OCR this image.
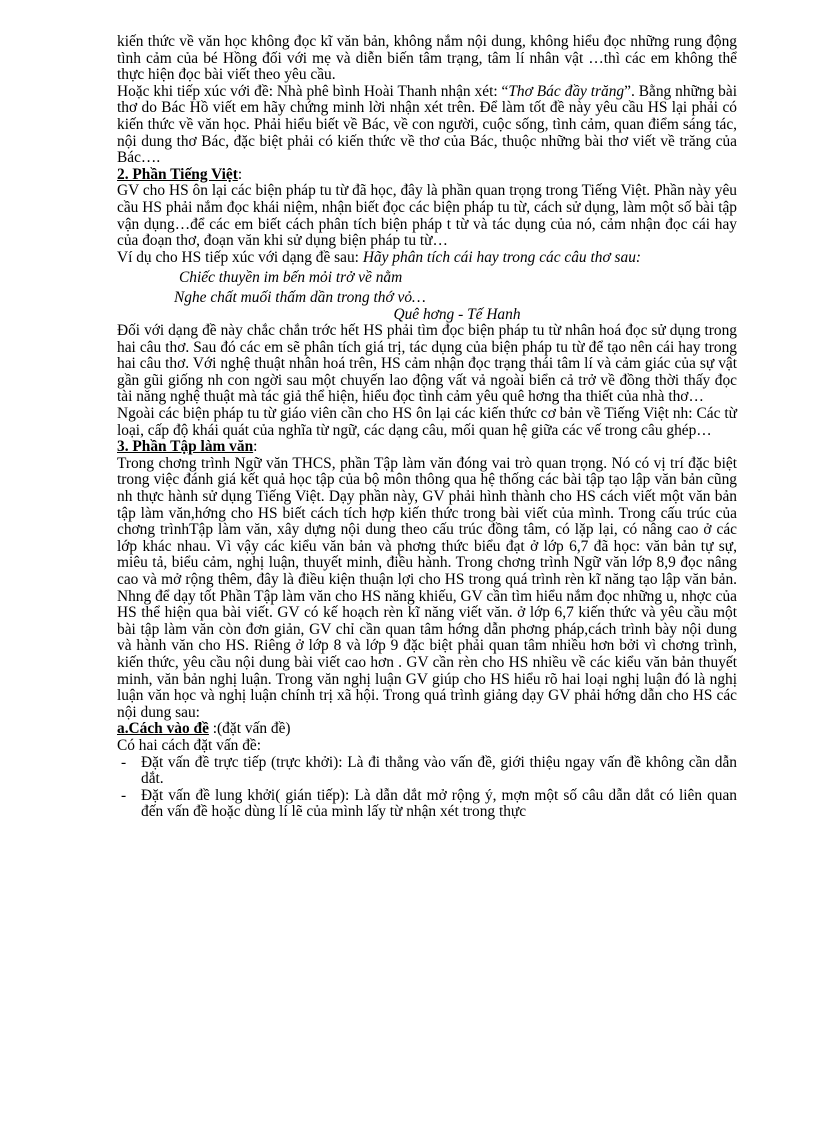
kiến thức về văn học không đọc kĩ văn bản, không nắm nội dung, không hiểu đọc những rung động tình cảm của bé Hồng đối với mẹ và diễn biến tâm trạng, tâm lí nhân vật …thì các em không thể thực hiện đọc bài viết theo yêu cầu.

Hoặc khi tiếp xúc với đề: Nhà phê bình Hoài Thanh nhận xét: “Thơ Bác đầy trăng”. Bằng những bài thơ do Bác Hồ viết em hãy chứng minh lời nhận xét trên. Để làm tốt đề này yêu cầu HS lại phải có kiến thức về văn học. Phải hiểu biết về Bác, về con người, cuộc sống, tình cảm, quan điểm sáng tác, nội dung thơ Bác, đặc biệt phải có kiến thức về thơ của Bác, thuộc những bài thơ viết về trăng của Bác….

2. Phần Tiếng Việt:

GV cho HS ôn lại các biện pháp tu từ đã học, đây là phần quan trọng trong Tiếng Việt. Phần này yêu cầu HS phải nắm đọc khái niệm, nhận biết đọc các biện pháp tu từ, cách sử dụng, làm một số bài tập vận dụng…để các em biết cách phân tích biện pháp t từ và tác dụng của nó, cảm nhận đọc cái hay của đoạn thơ, đoạn văn khi sử dụng biện pháp tu từ…

Ví dụ cho HS tiếp xúc với dạng đề sau: Hãy phân tích cái hay trong các câu thơ sau:

Chiếc thuyền im bến mỏi trở về nằm

Nghe chất muối thấm dần trong thớ vỏ…

Quê hơng - Tế Hanh

Đối với dạng đề này chắc chắn trớc hết HS phải tìm đọc biện pháp tu từ nhân hoá đọc sử dụng trong hai câu thơ. Sau đó các em sẽ phân tích giá trị, tác dụng của biện pháp tu từ để tạo nên cái hay trong hai câu thơ. Với nghệ thuật nhân hoá trên, HS cảm nhận đọc trạng thái tâm lí và cảm giác của sự vật gần gũi giống nh con ngời sau một chuyến lao động vất vả ngoài biển cả trở về đồng thời thấy đọc tài năng nghệ thuật mà tác giả thể hiện, hiểu đọc tình cảm yêu quê hơng tha thiết của nhà thơ…

Ngoài các biện pháp tu từ giáo viên cần cho HS ôn lại các kiến thức cơ bản về Tiếng Việt nh: Các từ loại, cấp độ khái quát của nghĩa từ ngữ, các dạng câu, mối quan hệ giữa các vế trong câu ghép…

3. Phần Tập làm văn:

Trong chơng trình Ngữ văn THCS, phần Tập làm văn đóng vai trò quan trọng. Nó có vị trí đặc biệt trong việc đánh giá kết quả học tập của bộ môn thông qua hệ thống các bài tập tạo lập văn bản cũng nh thực hành sử dụng Tiếng Việt. Dạy phần này, GV phải hình thành cho HS cách viết một văn bản tập làm văn,hớng cho HS biết cách tích hợp kiến thức trong bài viết của mình. Trong cấu trúc của chơng trìnhTập làm văn, xây dựng nội dung theo cấu trúc đồng tâm, có lặp lại, có nâng cao ở các lớp khác nhau. Vì vậy các kiểu văn bản và phơng thức biểu đạt ở lớp 6,7 đã học: văn bản tự sự, miêu tả, biểu cảm, nghị luận, thuyết minh, điều hành. Trong chơng trình Ngữ văn lớp 8,9 đọc nâng cao và mở rộng thêm, đây là điều kiện thuận lợi cho HS trong quá trình rèn kĩ năng tạo lập văn bản. Nhng để dạy tốt Phần Tập làm văn cho HS năng khiếu, GV cần tìm hiểu nắm đọc những u, nhợc của HS thể hiện qua bài viết. GV có kế hoạch rèn kĩ năng viết văn. ở lớp 6,7 kiến thức và yêu cầu một bài tập làm văn còn đơn giản, GV chỉ cần quan tâm hớng dẫn phơng pháp,cách trình bày nội dung và hành văn cho HS. Riêng ở lớp 8 và lớp 9 đặc biệt phải quan tâm nhiều hơn bởi vì chơng trình, kiến thức, yêu cầu nội dung bài viết cao hơn . GV cần rèn cho HS nhiều về các kiểu văn bản thuyết minh, văn bản nghị luận. Trong văn nghị luận GV giúp cho HS hiểu rõ hai loại nghị luận đó là nghị luận văn học và nghị luận chính trị xã hội. Trong quá trình giảng dạy GV phải hớng dẫn cho HS các nội dung sau:

a.Cách vào đề :(đặt vấn đề)

Có hai cách đặt vấn đề:

- Đặt vấn đề trực tiếp (trực khởi): Là đi thẳng vào vấn đề, giới thiệu ngay vấn đề không cần dẫn dắt.
- Đặt vấn đề lung khởi( gián tiếp): Là dẫn dắt mở rộng ý, mợn một số câu dẫn dắt có liên quan đến vấn đề hoặc dùng lí lẽ của mình lấy từ nhận xét trong thực
